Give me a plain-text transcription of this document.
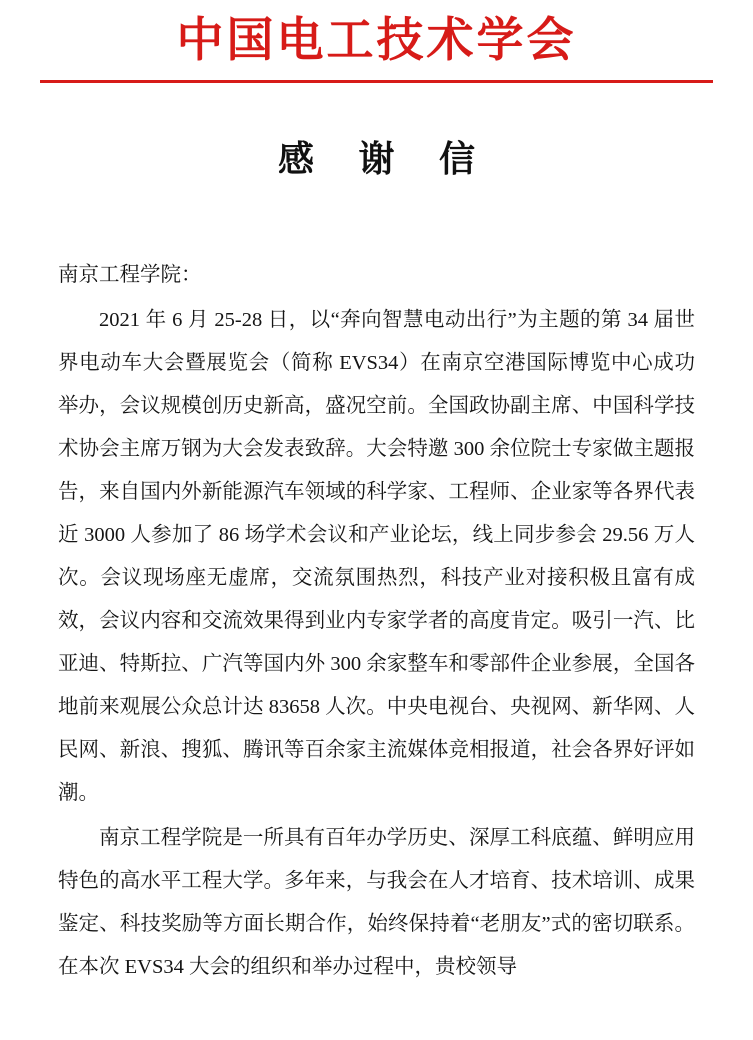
中国电工技术学会
感 谢 信
南京工程学院：

2021 年 6 月 25-28 日，以“奔向智慧电动出行”为主题的第 34 届世界电动车大会暨展览会（简称 EVS34）在南京空港国际博览中心成功举办，会议规模创历史新高，盛况空前。全国政协副主席、中国科学技术协会主席万钢为大会发表致辞。大会特邀 300 余位院士专家做主题报告，来自国内外新能源汽车领域的科学家、工程师、企业家等各界代表近 3000 人参加了 86 场学术会议和产业论坛，线上同步参会 29.56 万人次。会议现场座无虚席，交流氛围热烈，科技产业对接积极且富有成效，会议内容和交流效果得到业内专家学者的高度肯定。吸引一汽、比亚迪、特斯拉、广汽等国内外 300 余家整车和零部件企业参展，全国各地前来观展公众总计达 83658 人次。中央电视台、央视网、新华网、人民网、新浪、搜狐、腾讯等百余家主流媒体竞相报道，社会各界好评如潮。

南京工程学院是一所具有百年办学历史、深厚工科底蕴、鲜明应用特色的高水平工程大学。多年来，与我会在人才培育、技术培训、成果鉴定、科技奖励等方面长期合作，始终保持着“老朋友”式的密切联系。在本次 EVS34 大会的组织和举办过程中，贵校领导
